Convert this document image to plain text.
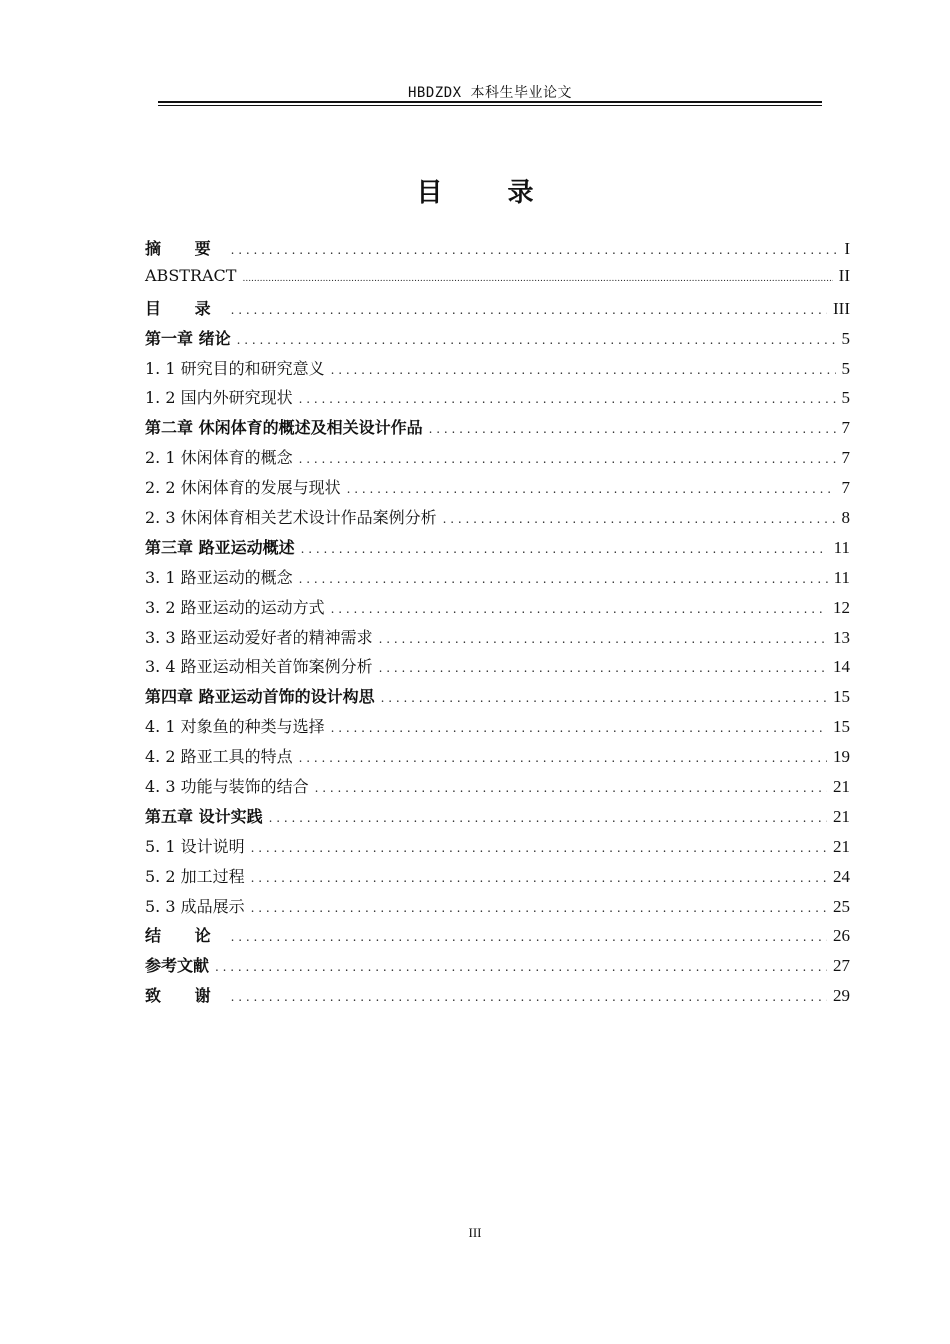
HBDZDX 本科生毕业论文
目 录
摘 要 . . .	I
ABSTRACT .....	II
目 录 . . .	III
第一章 绪论 . . .	5
1. 1 研究目的和研究意义 . . .	5
1. 2 国内外研究现状 . . .	5
第二章 休闲体育的概述及相关设计作品 . . .	7
2. 1 休闲体育的概念 . . .	7
2. 2 休闲体育的发展与现状 . . .	7
2. 3 休闲体育相关艺术设计作品案例分析 . . .	8
第三章 路亚运动概述 . . .	11
3. 1 路亚运动的概念 . . .	11
3. 2 路亚运动的运动方式 . . .	12
3. 3 路亚运动爱好者的精神需求 . . .	13
3. 4 路亚运动相关首饰案例分析 . . .	14
第四章 路亚运动首饰的设计构思 . . .	15
4. 1 对象鱼的种类与选择 . . .	15
4. 2 路亚工具的特点 . . .	19
4. 3 功能与装饰的结合 . . .	21
第五章 设计实践 . . .	21
5. 1 设计说明 . . .	21
5. 2 加工过程 . . .	24
5. 3 成品展示 . . .	25
结 论 . . .	26
参考文献 . . .	27
致 谢 . . .	29
III
